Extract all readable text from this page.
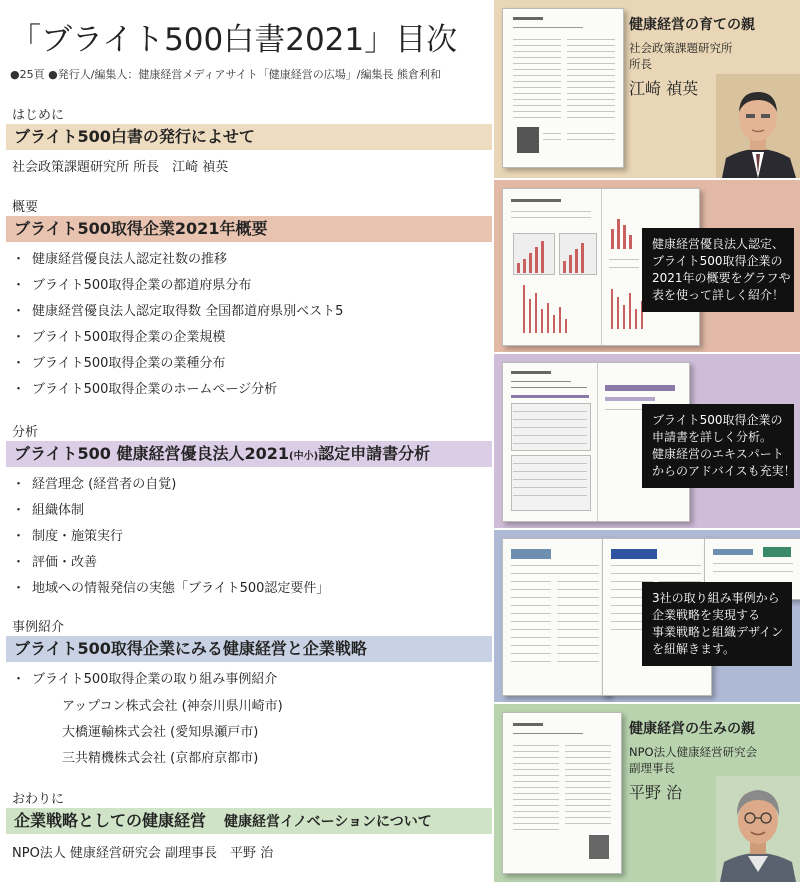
「ブライト500白書2021」目次
●25頁 ●発行人/編集人：健康経営メディアサイト「健康経営の広場」/編集長 熊倉利和
はじめに
ブライト500白書の発行によせて
社会政策課題研究所 所長　江崎 禎英
概要
ブライト500取得企業2021年概要
・ 健康経営優良法人認定社数の推移
・ ブライト500取得企業の都道府県分布
・ 健康経営優良法人認定取得数 全国都道府県別ベスト5
・ ブライト500取得企業の企業規模
・ ブライト500取得企業の業種分布
・ ブライト500取得企業のホームページ分析
分析
ブライト500 健康経営優良法人2021(中小)認定申請書分析
・ 経営理念 (経営者の自覚)
・ 組織体制
・ 制度・施策実行
・ 評価・改善
・ 地域への情報発信の実態「ブライト500認定要件」
事例紹介
ブライト500取得企業にみる健康経営と企業戦略
・ ブライト500取得企業の取り組み事例紹介
アップコン株式会社 (神奈川県川崎市)
大橋運輸株式会社 (愛知県瀬戸市)
三共精機株式会社 (京都府京都市)
おわりに
企業戦略としての健康経営 健康経営イノベーションについて
NPO法人 健康経営研究会 副理事長　平野 治
健康経営の育ての親
社会政策課題研究所
所長
江崎 禎英
健康経営優良法人認定、
ブライト500取得企業の
2021年の概要をグラフや
表を使って詳しく紹介！
ブライト500取得企業の
申請書を詳しく分析。
健康経営のエキスパート
からのアドバイスも充実！
3社の取り組み事例から
企業戦略を実現する
事業戦略と組織デザイン
を紐解きます。
健康経営の生みの親
NPO法人健康経営研究会
副理事長
平野 治
